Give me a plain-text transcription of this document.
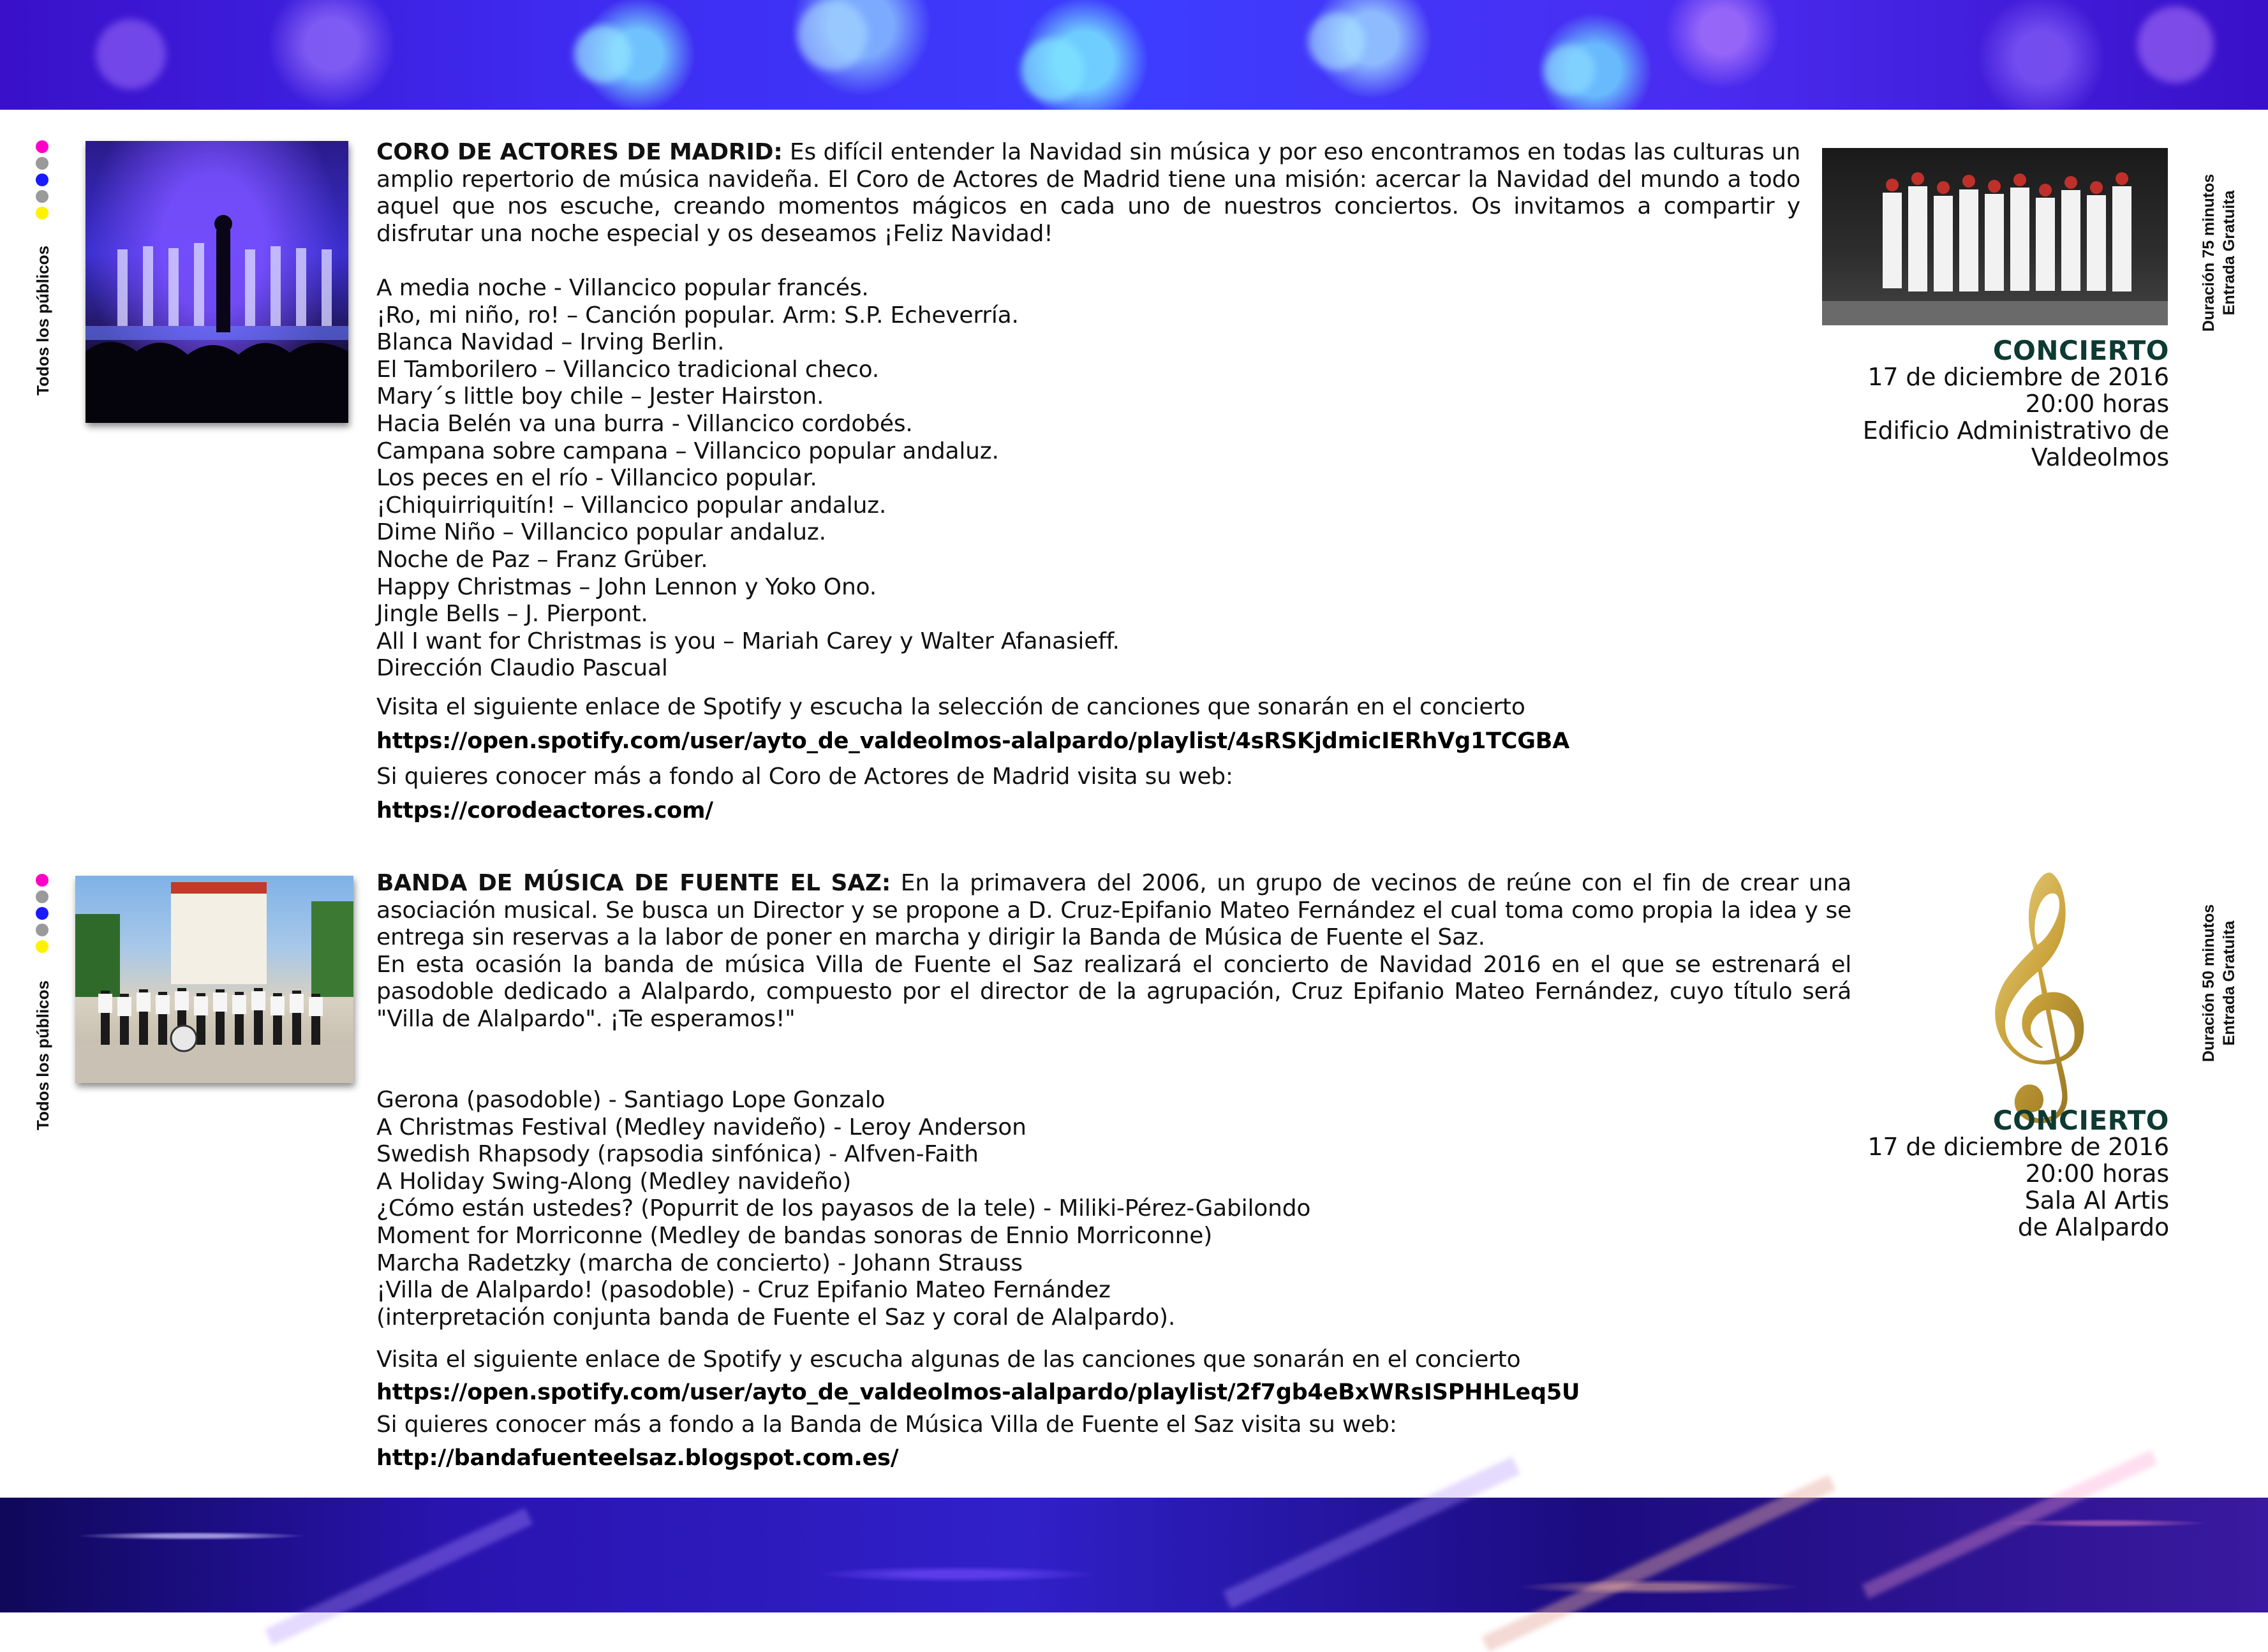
Todos los públicos
CORO DE ACTORES DE MADRID: Es difícil entender la Navidad sin música y por eso encontramos en todas las culturas un amplio repertorio de música navideña. El Coro de Actores de Madrid tiene una misión: acercar la Navidad del mundo a todo aquel que nos escuche, creando momentos mágicos en cada uno de nuestros conciertos. Os invitamos a compartir y disfrutar una noche especial y os deseamos ¡Feliz Navidad!
A media noche - Villancico popular francés.
¡Ro, mi niño, ro! – Canción popular. Arm: S.P. Echeverría.
Blanca Navidad – Irving Berlin.
El Tamborilero – Villancico tradicional checo.
Mary´s little boy chile – Jester Hairston.
Hacia Belén va una burra - Villancico cordobés.
Campana sobre campana – Villancico popular andaluz.
Los peces en el río - Villancico popular.
¡Chiquirriquitín! – Villancico popular andaluz.
Dime Niño – Villancico popular andaluz.
Noche de Paz – Franz Grüber.
Happy Christmas – John Lennon y Yoko Ono.
Jingle Bells – J. Pierpont.
All I want for Christmas is you – Mariah Carey y Walter Afanasieff.
Dirección Claudio Pascual
Visita el siguiente enlace de Spotify y escucha la selección de canciones que sonarán en el concierto
https://open.spotify.com/user/ayto_de_valdeolmos-alalpardo/playlist/4sRSKjdmicIERhVg1TCGBA
Si quieres conocer más a fondo al Coro de Actores de Madrid visita su web:
https://corodeactores.com/
CONCIERTO
17 de diciembre de 2016
20:00 horas
Edificio Administrativo de
Valdeolmos
Duración 75 minutos Entrada Gratuita
Todos los públicos
BANDA DE MÚSICA DE FUENTE EL SAZ: En la primavera del 2006, un grupo de vecinos de reúne con el fin de crear una asociación musical. Se busca un Director y se propone a D. Cruz-Epifanio Mateo Fernández el cual toma como propia la idea y se entrega sin reservas a la labor de poner en marcha y dirigir la Banda de Música de Fuente el Saz.
En esta ocasión la banda de música Villa de Fuente el Saz realizará el concierto de Navidad 2016 en el que se estrenará el pasodoble dedicado a Alalpardo, compuesto por el director de la agrupación, Cruz Epifanio Mateo Fernández, cuyo título será "Villa de Alalpardo". ¡Te esperamos!"
Gerona (pasodoble) - Santiago Lope Gonzalo
A Christmas Festival (Medley navideño) - Leroy Anderson
Swedish Rhapsody (rapsodia sinfónica) - Alfven-Faith
A Holiday Swing-Along (Medley navideño)
¿Cómo están ustedes? (Popurrit de los payasos de la tele) - Miliki-Pérez-Gabilondo
Moment for Morriconne (Medley de bandas sonoras de Ennio Morriconne)
Marcha Radetzky (marcha de concierto) - Johann Strauss
¡Villa de Alalpardo! (pasodoble) - Cruz Epifanio Mateo Fernández
(interpretación conjunta banda de Fuente el Saz y coral de Alalpardo).
Visita el siguiente enlace de Spotify y escucha algunas de las canciones que sonarán en el concierto
https://open.spotify.com/user/ayto_de_valdeolmos-alalpardo/playlist/2f7gb4eBxWRsISPHHLeq5U
Si quieres conocer más a fondo a la Banda de Música Villa de Fuente el Saz visita su web:
http://bandafuenteelsaz.blogspot.com.es/
𝄞
CONCIERTO
17 de diciembre de 2016
20:00 horas
Sala Al Artis
de Alalpardo
Duración 50 minutos Entrada Gratuita
